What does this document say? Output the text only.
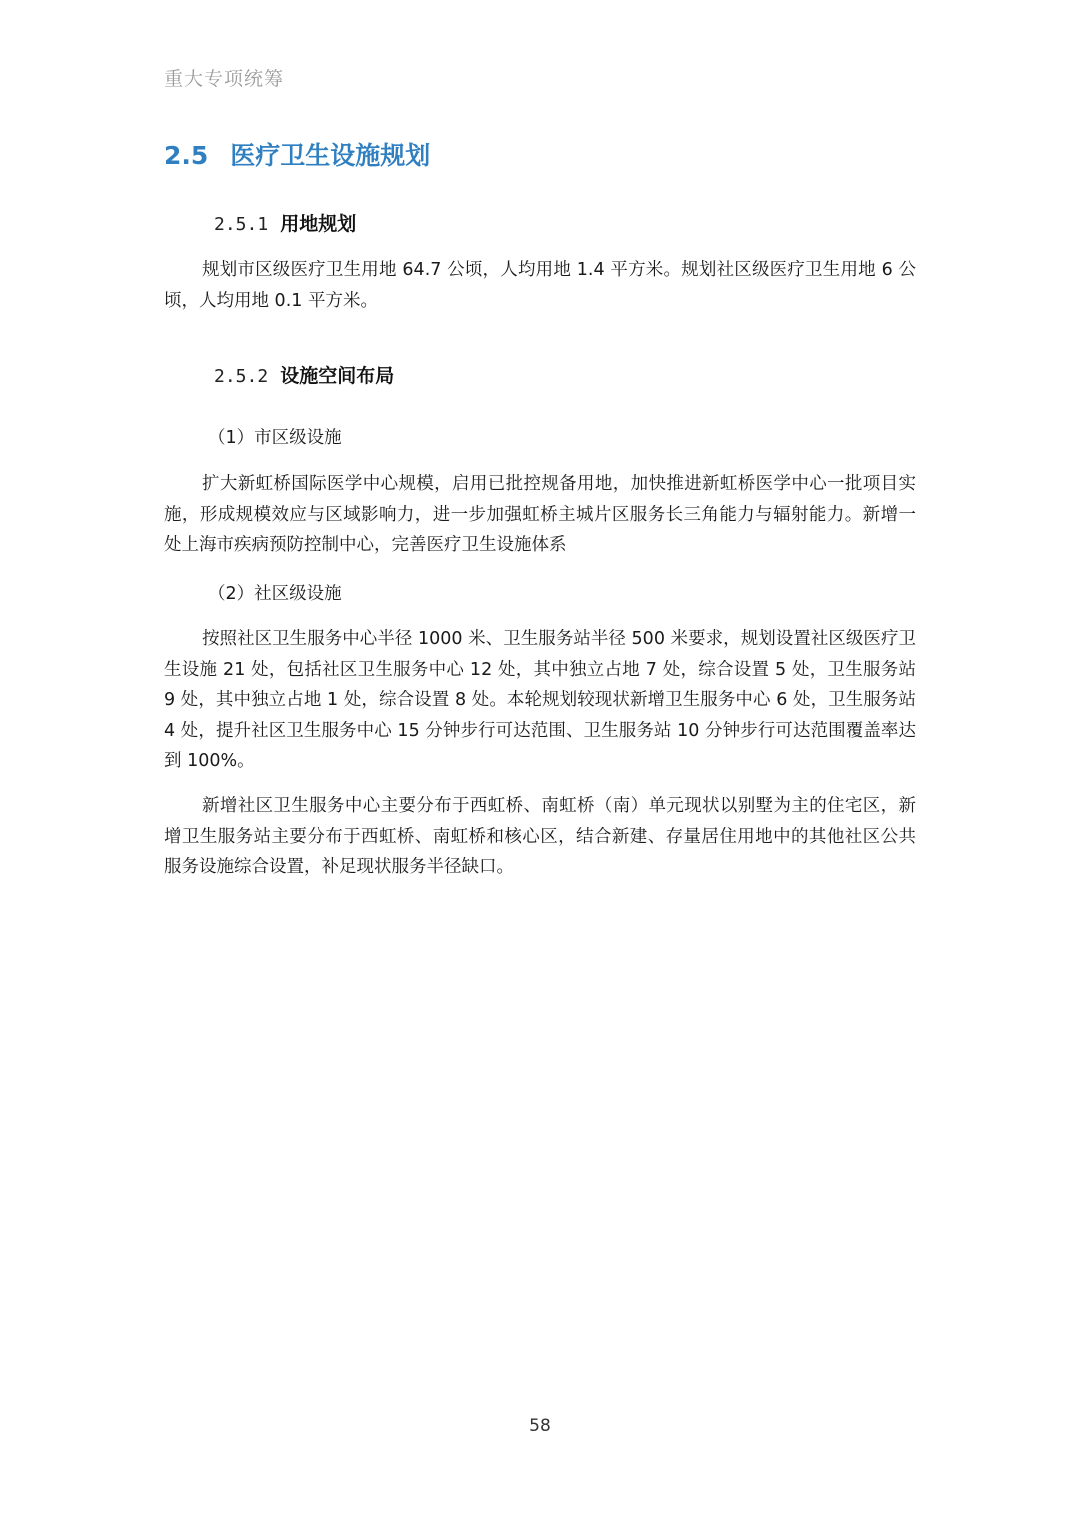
重大专项统筹
2.5 医疗卫生设施规划
2.5.1 用地规划

规划市区级医疗卫生用地 64.7 公顷，人均用地 1.4 平方米。规划社区级医疗卫生用地 6 公顷，人均用地 0.1 平方米。

2.5.2 设施空间布局
（1）市区级设施

扩大新虹桥国际医学中心规模，启用已批控规备用地，加快推进新虹桥医学中心一批项目实施，形成规模效应与区域影响力，进一步加强虹桥主城片区服务长三角能力与辐射能力。新增一处上海市疾病预防控制中心，完善医疗卫生设施体系

（2）社区级设施

按照社区卫生服务中心半径 1000 米、卫生服务站半径 500 米要求，规划设置社区级医疗卫生设施 21 处，包括社区卫生服务中心 12 处，其中独立占地 7 处，综合设置 5 处，卫生服务站 9 处，其中独立占地 1 处，综合设置 8 处。本轮规划较现状新增卫生服务中心 6 处，卫生服务站 4 处，提升社区卫生服务中心 15 分钟步行可达范围、卫生服务站 10 分钟步行可达范围覆盖率达到 100%。

新增社区卫生服务中心主要分布于西虹桥、南虹桥（南）单元现状以别墅为主的住宅区，新增卫生服务站主要分布于西虹桥、南虹桥和核心区，结合新建、存量居住用地中的其他社区公共服务设施综合设置，补足现状服务半径缺口。

58
